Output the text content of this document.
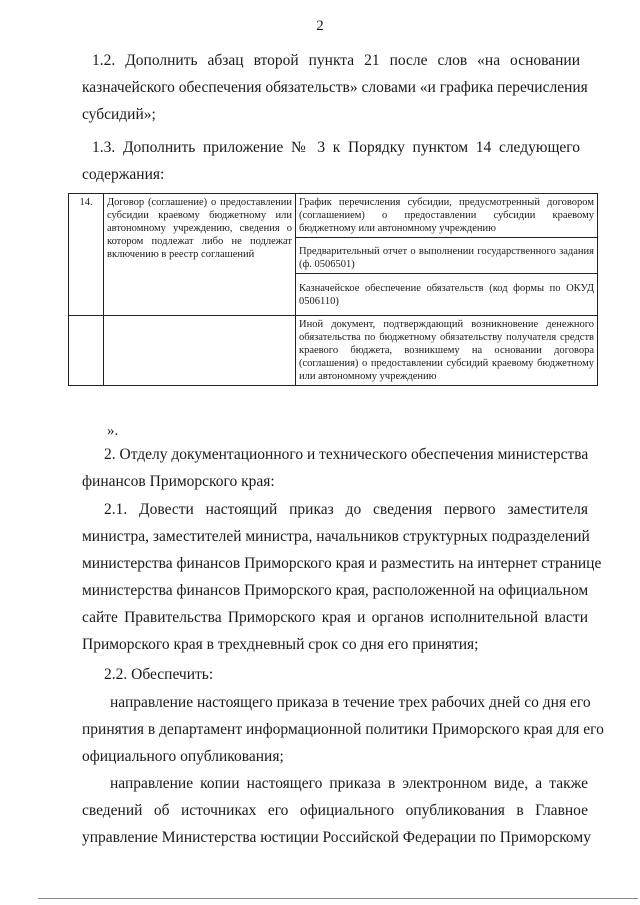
2
1.2. Дополнить абзац второй пункта 21 после слов «на основании
казначейского обеспечения обязательств» словами «и графика перечисления
субсидий»;
1.3. Дополнить приложение № 3 к Порядку пунктом 14 следующего
содержания:
14.	Договор (соглашение) о предоставлении субсидии краевому бюджетному или автономному учреждению, сведения о котором подлежат либо не подлежат включению в реестр соглашений	График перечисления субсидии, предусмотренный договором (соглашением) о предоставлении субсидии краевому бюджетному или автономному учреждению
		Предварительный отчет о выполнении государственного задания (ф. 0506501)
		Казначейское обеспечение обязательств (код формы по ОКУД 0506110)
		Иной документ, подтверждающий возникновение денежного обязательства по бюджетному обязательству получателя средств краевого бюджета, возникшему на основании договора (соглашения) о предоставлении субсидий краевому бюджетному или автономному учреждению
».
2. Отделу документационного и технического обеспечения министерства
финансов Приморского края:
2.1. Довести настоящий приказ до сведения первого заместителя
министра, заместителей министра, начальников структурных подразделений
министерства финансов Приморского края и разместить на интернет странице
министерства финансов Приморского края, расположенной на официальном
сайте Правительства Приморского края и органов исполнительной власти
Приморского края в трехдневный срок со дня его принятия;
2.2. Обеспечить:
направление настоящего приказа в течение трех рабочих дней со дня его
принятия в департамент информационной политики Приморского края для его
официального опубликования;
направление копии настоящего приказа в электронном виде, а также
сведений об источниках его официального опубликования в Главное
управление Министерства юстиции Российской Федерации по Приморскому
